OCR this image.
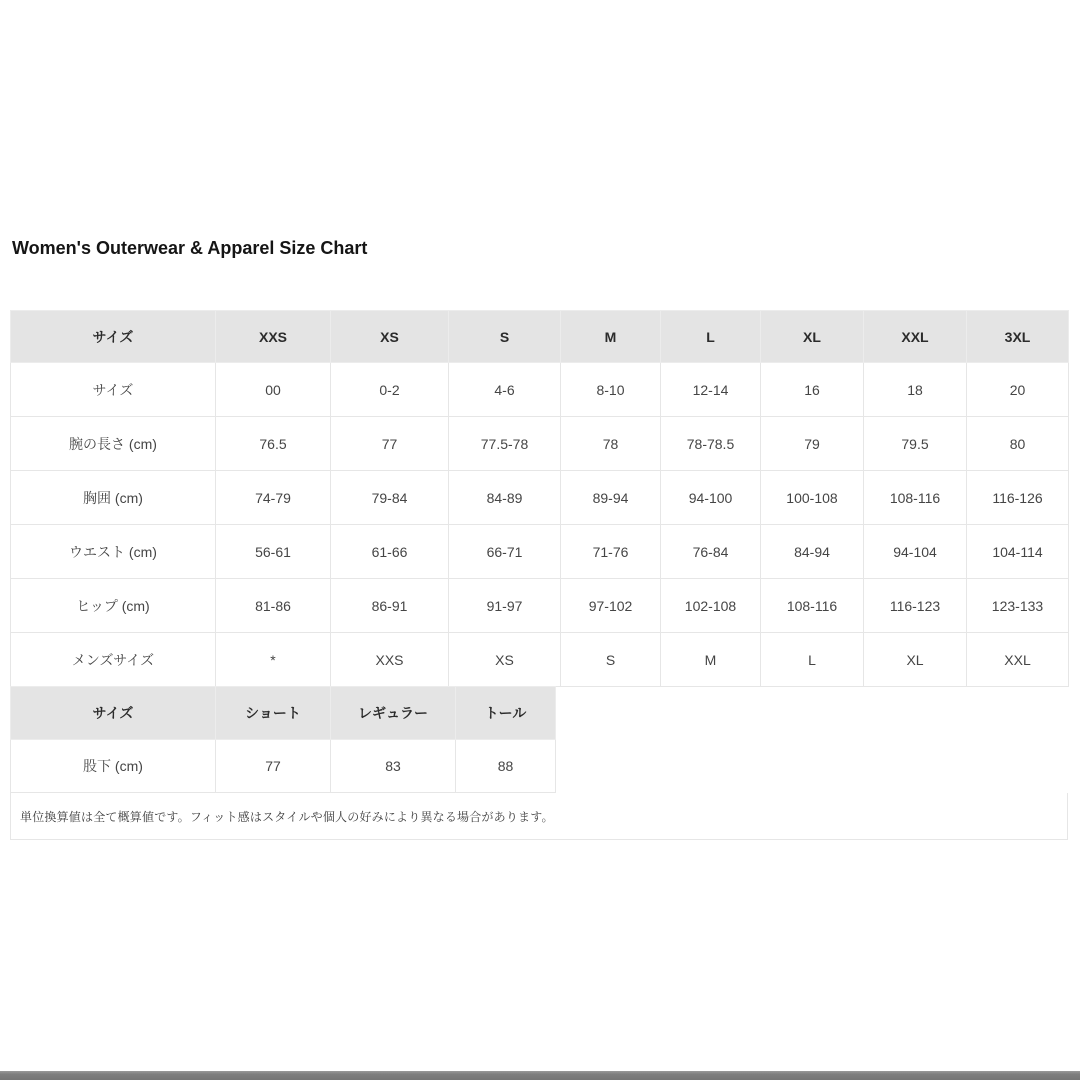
Women's Outerwear & Apparel Size Chart
サイズ	XXS	XS	S	M	L	XL	XXL	3XL
サイズ	00	0-2	4-6	8-10	12-14	16	18	20
腕の長さ (cm)	76.5	77	77.5-78	78	78-78.5	79	79.5	80
胸囲 (cm)	74-79	79-84	84-89	89-94	94-100	100-108	108-116	116-126
ウエスト (cm)	56-61	61-66	66-71	71-76	76-84	84-94	94-104	104-114
ヒップ (cm)	81-86	86-91	91-97	97-102	102-108	108-116	116-123	123-133
メンズサイズ	*	XXS	XS	S	M	L	XL	XXL
サイズ	ショート	レギュラー	トール
股下 (cm)	77	83	88
単位換算値は全て概算値です。フィット感はスタイルや個人の好みにより異なる場合があります。
